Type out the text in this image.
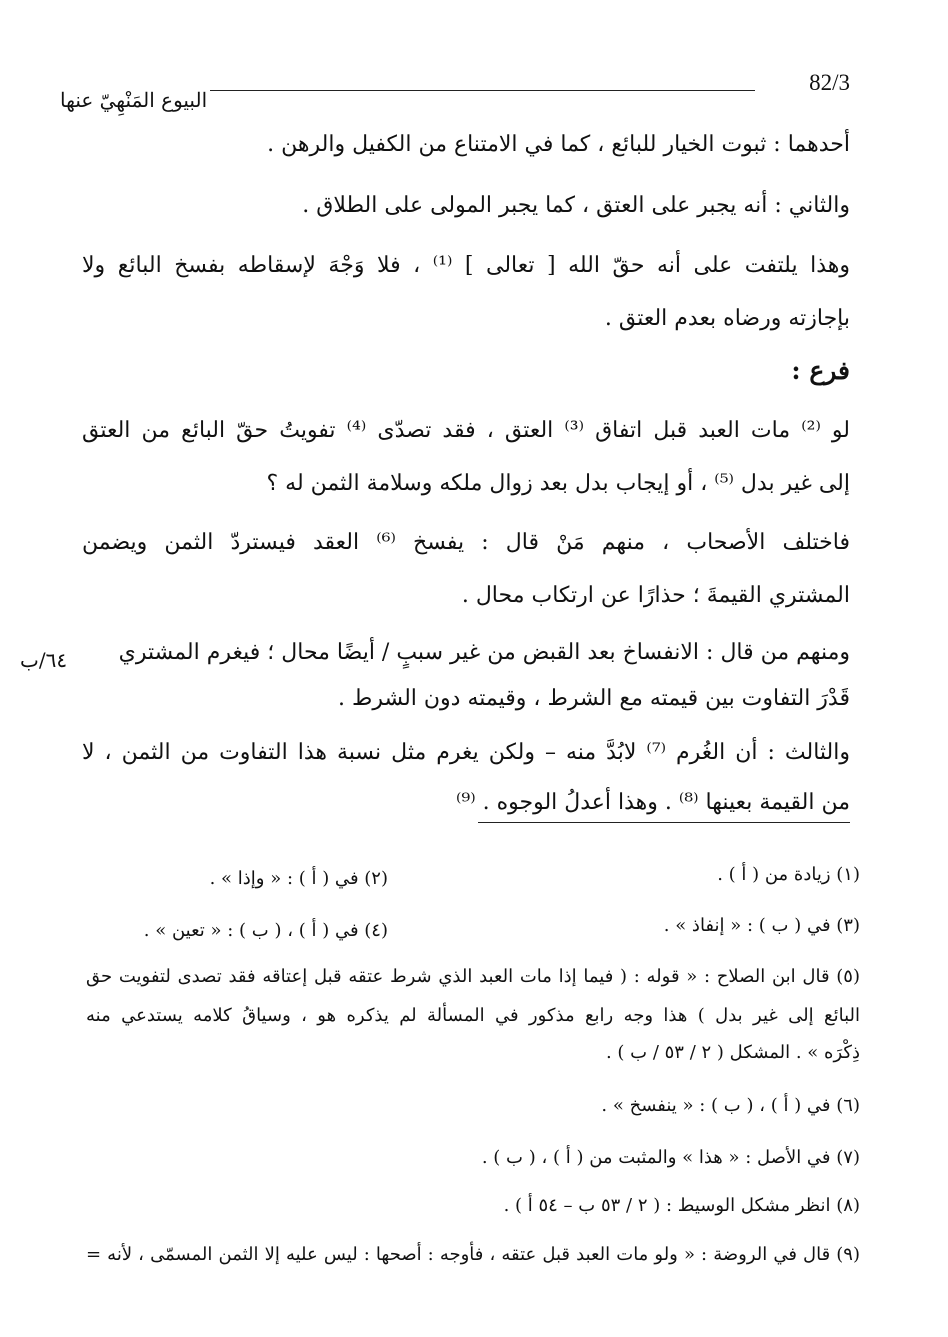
82/3
البيوع المَنْهِيّ عنها
أحدهما : ثبوت الخيار للبائع ، كما في الامتناع من الكفيل والرهن .
والثاني : أنه يجبر على العتق ، كما يجبر المولى على الطلاق .
وهذا يلتفت على أنه حقّ الله [ تعالى ] ⁽¹⁾ ، فلا وَجْهَ لإسقاطه بفسخ البائع ولا
بإجازته ورضاه بعدم العتق .
فرع :
لو ⁽²⁾ مات العبد قبل اتفاق ⁽³⁾ العتق ، فقد تصدّى ⁽⁴⁾ تفويتُ حقّ البائع من العتق
إلى غير بدل ⁽⁵⁾ ، أو إيجاب بدل بعد زوال ملكه وسلامة الثمن له ؟
فاختلف الأصحاب ، منهم مَنْ قال : يفسخ ⁽⁶⁾ العقد فيستردّ الثمن ويضمن
المشتري القيمةَ ؛ حذارًا عن ارتكاب محال .
ومنهم من قال : الانفساخ بعد القبض من غير سببٍ / أيضًا محال ؛ فيغرم المشتري
٦٤/ب
قَدْرَ التفاوت بين قيمته مع الشرط ، وقيمته دون الشرط .
والثالث : أن الغُرم ⁽⁷⁾ لابُدَّ منه – ولكن يغرم مثل نسبة هذا التفاوت من الثمن ، لا
من القيمة بعينها ⁽⁸⁾ . وهذا أعدلُ الوجوه . ⁽⁹⁾
(١) زيادة من ( أ ) .
(٢) في ( أ ) : « وإذا » .
(٣) في ( ب ) : « إنفاذ » .
(٤) في ( أ ) ، ( ب ) : « تعين » .
(٥) قال ابن الصلاح : « قوله : ( فيما إذا مات العبد الذي شرط عتقه قبل إعتاقه فقد تصدى لتفويت حق
البائع إلى غير بدل ) هذا وجه رابع مذكور في المسألة لم يذكره هو ، وسياقُ كلامه يستدعي منه
ذِكْرَه » . المشكل ( ٢ / ٥٣ / ب ) .
(٦) في ( أ ) ، ( ب ) : « ينفسخ » .
(٧) في الأصل : « هذا » والمثبت من ( أ ) ، ( ب ) .
(٨) انظر مشكل الوسيط : ( ٢ / ٥٣ ب – ٥٤ أ ) .
(٩) قال في الروضة : « ولو مات العبد قبل عتقه ، فأوجه : أصحها : ليس عليه إلا الثمن المسمّى ، لأنه =
